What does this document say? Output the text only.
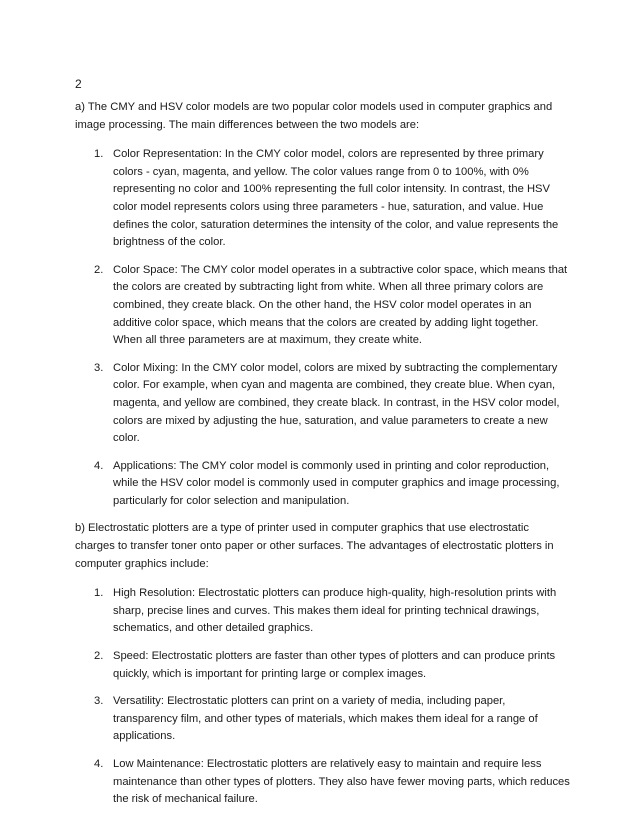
2

a) The CMY and HSV color models are two popular color models used in computer graphics and image processing. The main differences between the two models are:

1. Color Representation: In the CMY color model, colors are represented by three primary colors - cyan, magenta, and yellow. The color values range from 0 to 100%, with 0% representing no color and 100% representing the full color intensity. In contrast, the HSV color model represents colors using three parameters - hue, saturation, and value. Hue defines the color, saturation determines the intensity of the color, and value represents the brightness of the color.
2. Color Space: The CMY color model operates in a subtractive color space, which means that the colors are created by subtracting light from white. When all three primary colors are combined, they create black. On the other hand, the HSV color model operates in an additive color space, which means that the colors are created by adding light together. When all three parameters are at maximum, they create white.
3. Color Mixing: In the CMY color model, colors are mixed by subtracting the complementary color. For example, when cyan and magenta are combined, they create blue. When cyan, magenta, and yellow are combined, they create black. In contrast, in the HSV color model, colors are mixed by adjusting the hue, saturation, and value parameters to create a new color.
4. Applications: The CMY color model is commonly used in printing and color reproduction, while the HSV color model is commonly used in computer graphics and image processing, particularly for color selection and manipulation.

b) Electrostatic plotters are a type of printer used in computer graphics that use electrostatic charges to transfer toner onto paper or other surfaces. The advantages of electrostatic plotters in computer graphics include:

1. High Resolution: Electrostatic plotters can produce high-quality, high-resolution prints with sharp, precise lines and curves. This makes them ideal for printing technical drawings, schematics, and other detailed graphics.
2. Speed: Electrostatic plotters are faster than other types of plotters and can produce prints quickly, which is important for printing large or complex images.
3. Versatility: Electrostatic plotters can print on a variety of media, including paper, transparency film, and other types of materials, which makes them ideal for a range of applications.
4. Low Maintenance: Electrostatic plotters are relatively easy to maintain and require less maintenance than other types of plotters. They also have fewer moving parts, which reduces the risk of mechanical failure.
